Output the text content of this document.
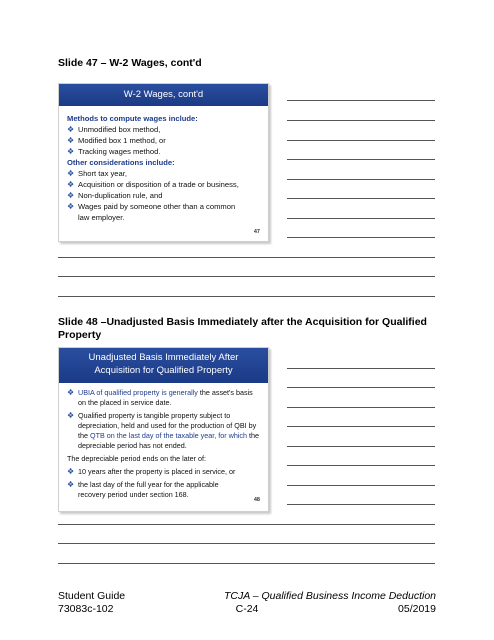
Slide 47 – W-2 Wages, cont'd
W-2 Wages, cont'd
Methods to compute wages include:
❖ Unmodified box method,
❖ Modified box 1 method, or
❖ Tracking wages method.
Other considerations include:
❖ Short tax year,
❖ Acquisition or disposition of a trade or business,
❖ Non-duplication rule, and
❖ Wages paid by someone other than a common law employer.
47
Slide 48 –Unadjusted Basis Immediately after the Acquisition for Qualified Property
Unadjusted Basis Immediately After
Acquisition for Qualified Property
❖ UBIA of qualified property is generally the asset's basis on the placed in service date.
❖ Qualified property is tangible property subject to depreciation, held and used for the production of QBI by the QTB on the last day of the taxable year, for which the depreciable period has not ended.
The depreciable period ends on the later of:
❖ 10 years after the property is placed in service, or
❖ the last day of the full year for the applicable recovery period under section 168.
48
Student Guide
73083c-102	C-24
TCJA – Qualified Business Income Deduction
05/2019
